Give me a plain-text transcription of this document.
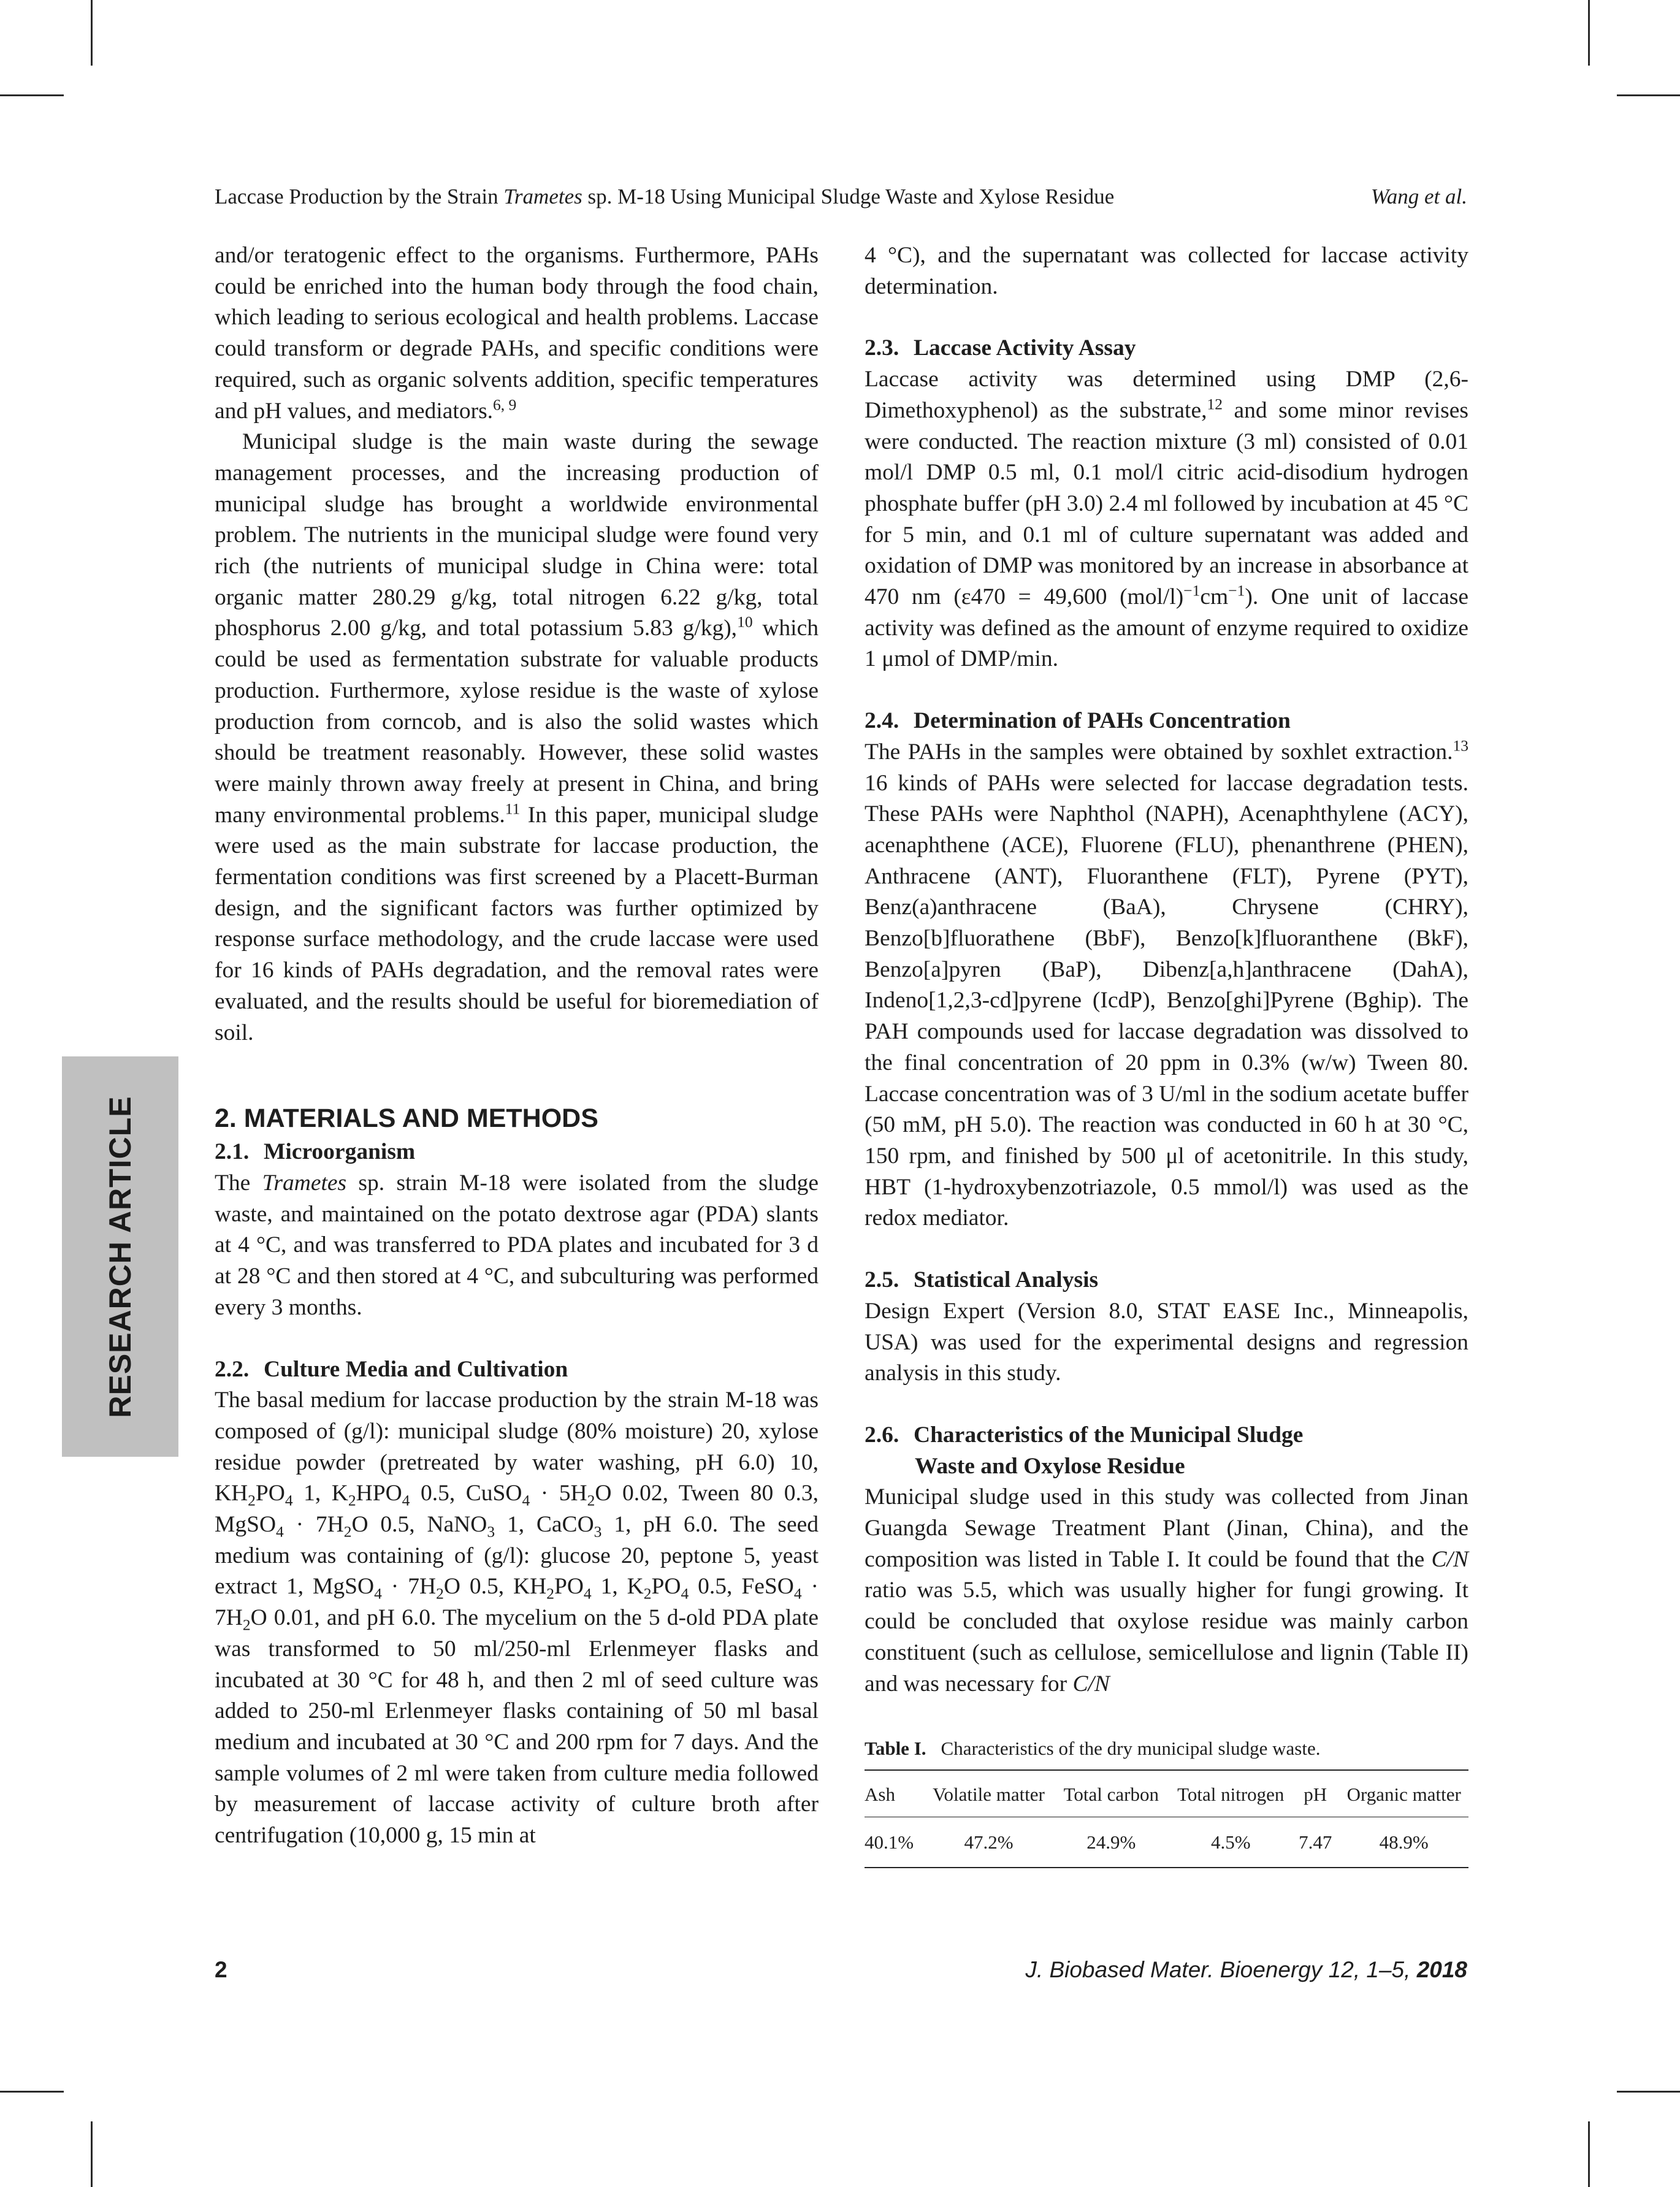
Laccase Production by the Strain Trametes sp. M-18 Using Municipal Sludge Waste and Xylose Residue	Wang et al.
RESEARCH ARTICLE

and/or teratogenic effect to the organisms. Furthermore, PAHs could be enriched into the human body through the food chain, which leading to serious ecological and health problems. Laccase could transform or degrade PAHs, and specific conditions were required, such as organic solvents addition, specific temperatures and pH values, and mediators.$^{6, 9}$

Municipal sludge is the main waste during the sewage management processes, and the increasing production of municipal sludge has brought a worldwide environmental problem. The nutrients in the municipal sludge were found very rich (the nutrients of municipal sludge in China were: total organic matter 280.29 g/kg, total nitrogen 6.22 g/kg, total phosphorus 2.00 g/kg, and total potassium 5.83 g/kg),$^{10}$ which could be used as fermentation substrate for valuable products production. Furthermore, xylose residue is the waste of xylose production from corncob, and is also the solid wastes which should be treatment reasonably. However, these solid wastes were mainly thrown away freely at present in China, and bring many environmental problems.$^{11}$ In this paper, municipal sludge were used as the main substrate for laccase production, the fermentation conditions was first screened by a Placett-Burman design, and the significant factors was further optimized by response surface methodology, and the crude laccase were used for 16 kinds of PAHs degradation, and the removal rates were evaluated, and the results should be useful for bioremediation of soil.

2. MATERIALS AND METHODS
2.1. Microorganism

The Trametes sp. strain M-18 were isolated from the sludge waste, and maintained on the potato dextrose agar (PDA) slants at 4 °C, and was transferred to PDA plates and incubated for 3 d at 28 °C and then stored at 4 °C, and subculturing was performed every 3 months.

2.2. Culture Media and Cultivation

The basal medium for laccase production by the strain M-18 was composed of (g/l): municipal sludge (80% moisture) 20, xylose residue powder (pretreated by water washing, pH 6.0) 10, $KH_2PO_4$ 1, $K_2HPO_4$ 0.5, CuSO$_4$ · $5H_2O$ 0.02, Tween 80 0.3, MgSO$_4$ · $7H_2O$ 0.5, NaNO$_3$ 1, CaCO$_3$ 1, pH 6.0. The seed medium was containing of (g/l): glucose 20, peptone 5, yeast extract 1, MgSO$_4$ · $7H_2O$ 0.5, $KH_2PO_4$ 1, $K_2PO_4$ 0.5, FeSO$_4$ · $7H_2O$ 0.01, and pH 6.0. The mycelium on the 5 d-old PDA plate was transformed to 50 ml/250-ml Erlenmeyer flasks and incubated at 30 °C for 48 h, and then 2 ml of seed culture was added to 250-ml Erlenmeyer flasks containing of 50 ml basal medium and incubated at 30 °C and 200 rpm for 7 days. And the sample volumes of 2 ml were taken from culture media followed by measurement of laccase activity of culture broth after centrifugation (10,000 g, 15 min at

4 °C), and the supernatant was collected for laccase activity determination.

2.3. Laccase Activity Assay

Laccase activity was determined using DMP (2,6-Dimethoxyphenol) as the substrate,$^{12}$ and some minor revises were conducted. The reaction mixture (3 ml) consisted of 0.01 mol/l DMP 0.5 ml, 0.1 mol/l citric acid-disodium hydrogen phosphate buffer (pH 3.0) 2.4 ml followed by incubation at 45 °C for 5 min, and 0.1 ml of culture supernatant was added and oxidation of DMP was monitored by an increase in absorbance at 470 nm (ε470 = 49,600 $(mol/l)^{-1}cm^{-1}$). One unit of laccase activity was defined as the amount of enzyme required to oxidize 1 μmol of DMP/min.

2.4. Determination of PAHs Concentration

The PAHs in the samples were obtained by soxhlet extraction.$^{13}$ 16 kinds of PAHs were selected for laccase degradation tests. These PAHs were Naphthol (NAPH), Acenaphthylene (ACY), acenaphthene (ACE), Fluorene (FLU), phenanthrene (PHEN), Anthracene (ANT), Fluoranthene (FLT), Pyrene (PYT), Benz(a)anthracene (BaA), Chrysene (CHRY), Benzo[b]fluorathene (BbF), Benzo[k]fluoranthene (BkF), Benzo[a]pyren (BaP), Dibenz[a,h]anthracene (DahA), Indeno[1,2,3-cd]pyrene (IcdP), Benzo[ghi]Pyrene (Bghip). The PAH compounds used for laccase degradation was dissolved to the final concentration of 20 ppm in 0.3% (w/w) Tween 80. Laccase concentration was of 3 U/ml in the sodium acetate buffer (50 mM, pH 5.0). The reaction was conducted in 60 h at 30 °C, 150 rpm, and finished by 500 μl of acetonitrile. In this study, HBT (1-hydroxybenzotriazole, 0.5 mmol/l) was used as the redox mediator.

2.5. Statistical Analysis

Design Expert (Version 8.0, STAT EASE Inc., Minneapolis, USA) was used for the experimental designs and regression analysis in this study.

2.6. Characteristics of the Municipal Sludge
Waste and Oxylose Residue

Municipal sludge used in this study was collected from Jinan Guangda Sewage Treatment Plant (Jinan, China), and the composition was listed in Table I. It could be found that the C/N ratio was 5.5, which was usually higher for fungi growing. It could be concluded that oxylose residue was mainly carbon constituent (such as cellulose, semicellulose and lignin (Table II) and was necessary for C/N

Table I. Characteristics of the dry municipal sludge waste.
Ash	Volatile matter	Total carbon	Total nitrogen	pH	Organic matter
40.1%	47.2%	24.9%	4.5%	7.47	48.9%
2	J. Biobased Mater. Bioenergy 12, 1–5, 2018
